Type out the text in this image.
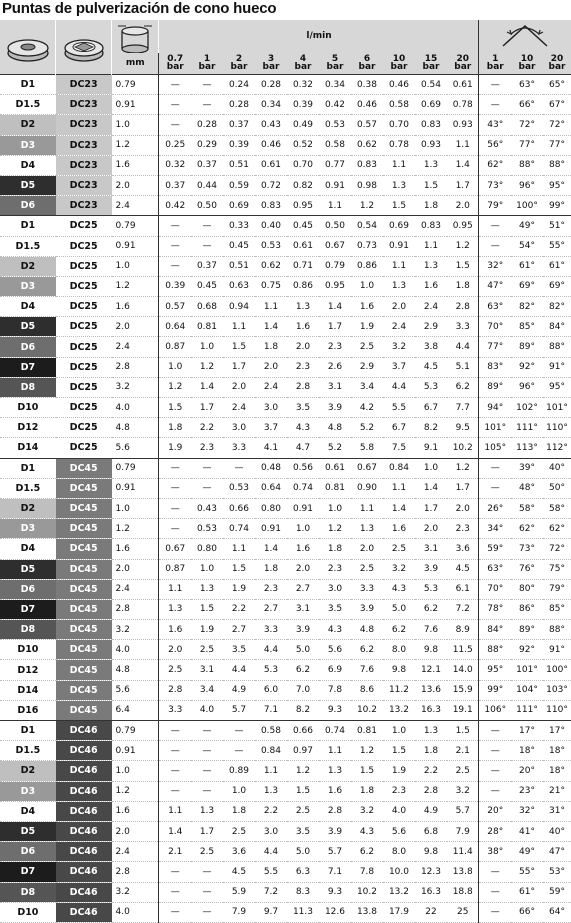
Puntas de pulverización de cono hueco

	l/min	
		mm	0.7 bar	1 bar	2 bar	3 bar	4 bar	5 bar	6 bar	10 bar	15 bar	20 bar	1 bar	10 bar	20 bar
D1	DC23	0.79	—	—	0.24	0.28	0.32	0.34	0.38	0.46	0.54	0.61	—	63°	65°
D1.5	DC23	0.91	—	—	0.28	0.34	0.39	0.42	0.46	0.58	0.69	0.78	—	66°	67°
D2	DC23	1.0	—	0.28	0.37	0.43	0.49	0.53	0.57	0.70	0.83	0.93	43°	72°	72°
D3	DC23	1.2	0.25	0.29	0.39	0.46	0.52	0.58	0.62	0.78	0.93	1.1	56°	77°	77°
D4	DC23	1.6	0.32	0.37	0.51	0.61	0.70	0.77	0.83	1.1	1.3	1.4	62°	88°	88°
D5	DC23	2.0	0.37	0.44	0.59	0.72	0.82	0.91	0.98	1.3	1.5	1.7	73°	96°	95°
D6	DC23	2.4	0.42	0.50	0.69	0.83	0.95	1.1	1.2	1.5	1.8	2.0	79°	100°	99°
D1	DC25	0.79	—	—	0.33	0.40	0.45	0.50	0.54	0.69	0.83	0.95	—	49°	51°
D1.5	DC25	0.91	—	—	0.45	0.53	0.61	0.67	0.73	0.91	1.1	1.2	—	54°	55°
D2	DC25	1.0	—	0.37	0.51	0.62	0.71	0.79	0.86	1.1	1.3	1.5	32°	61°	61°
D3	DC25	1.2	0.39	0.45	0.63	0.75	0.86	0.95	1.0	1.3	1.6	1.8	47°	69°	69°
D4	DC25	1.6	0.57	0.68	0.94	1.1	1.3	1.4	1.6	2.0	2.4	2.8	63°	82°	82°
D5	DC25	2.0	0.64	0.81	1.1	1.4	1.6	1.7	1.9	2.4	2.9	3.3	70°	85°	84°
D6	DC25	2.4	0.87	1.0	1.5	1.8	2.0	2.3	2.5	3.2	3.8	4.4	77°	89°	88°
D7	DC25	2.8	1.0	1.2	1.7	2.0	2.3	2.6	2.9	3.7	4.5	5.1	83°	92°	91°
D8	DC25	3.2	1.2	1.4	2.0	2.4	2.8	3.1	3.4	4.4	5.3	6.2	89°	96°	95°
D10	DC25	4.0	1.5	1.7	2.4	3.0	3.5	3.9	4.2	5.5	6.7	7.7	94°	102°	101°
D12	DC25	4.8	1.8	2.2	3.0	3.7	4.3	4.8	5.2	6.7	8.2	9.5	101°	111°	110°
D14	DC25	5.6	1.9	2.3	3.3	4.1	4.7	5.2	5.8	7.5	9.1	10.2	105°	113°	112°
D1	DC45	0.79	—	—	—	0.48	0.56	0.61	0.67	0.84	1.0	1.2	—	39°	40°
D1.5	DC45	0.91	—	—	0.53	0.64	0.74	0.81	0.90	1.1	1.4	1.7	—	48°	50°
D2	DC45	1.0	—	0.43	0.66	0.80	0.91	1.0	1.1	1.4	1.7	2.0	26°	58°	58°
D3	DC45	1.2	—	0.53	0.74	0.91	1.0	1.2	1.3	1.6	2.0	2.3	34°	62°	62°
D4	DC45	1.6	0.67	0.80	1.1	1.4	1.6	1.8	2.0	2.5	3.1	3.6	59°	73°	72°
D5	DC45	2.0	0.87	1.0	1.5	1.8	2.0	2.3	2.5	3.2	3.9	4.5	63°	76°	75°
D6	DC45	2.4	1.1	1.3	1.9	2.3	2.7	3.0	3.3	4.3	5.3	6.1	70°	80°	79°
D7	DC45	2.8	1.3	1.5	2.2	2.7	3.1	3.5	3.9	5.0	6.2	7.2	78°	86°	85°
D8	DC45	3.2	1.6	1.9	2.7	3.3	3.9	4.3	4.8	6.2	7.6	8.9	84°	89°	88°
D10	DC45	4.0	2.0	2.5	3.5	4.4	5.0	5.6	6.2	8.0	9.8	11.5	88°	92°	91°
D12	DC45	4.8	2.5	3.1	4.4	5.3	6.2	6.9	7.6	9.8	12.1	14.0	95°	101°	100°
D14	DC45	5.6	2.8	3.4	4.9	6.0	7.0	7.8	8.6	11.2	13.6	15.9	99°	104°	103°
D16	DC45	6.4	3.3	4.0	5.7	7.1	8.2	9.3	10.2	13.2	16.3	19.1	106°	111°	110°
D1	DC46	0.79	—	—	—	0.58	0.66	0.74	0.81	1.0	1.3	1.5	—	17°	17°
D1.5	DC46	0.91	—	—	—	0.84	0.97	1.1	1.2	1.5	1.8	2.1	—	18°	18°
D2	DC46	1.0	—	—	0.89	1.1	1.2	1.3	1.5	1.9	2.2	2.5	—	20°	18°
D3	DC46	1.2	—	—	1.0	1.3	1.5	1.6	1.8	2.3	2.8	3.2	—	23°	21°
D4	DC46	1.6	1.1	1.3	1.8	2.2	2.5	2.8	3.2	4.0	4.9	5.7	20°	32°	31°
D5	DC46	2.0	1.4	1.7	2.5	3.0	3.5	3.9	4.3	5.6	6.8	7.9	28°	41°	40°
D6	DC46	2.4	2.1	2.5	3.6	4.4	5.0	5.7	6.2	8.0	9.8	11.4	38°	49°	47°
D7	DC46	2.8	—	—	4.5	5.5	6.3	7.1	7.8	10.0	12.3	13.8	—	55°	53°
D8	DC46	3.2	—	—	5.9	7.2	8.3	9.3	10.2	13.2	16.3	18.8	—	61°	59°
D10	DC46	4.0	—	—	7.9	9.7	11.3	12.6	13.8	17.9	22	25	—	66°	64°
